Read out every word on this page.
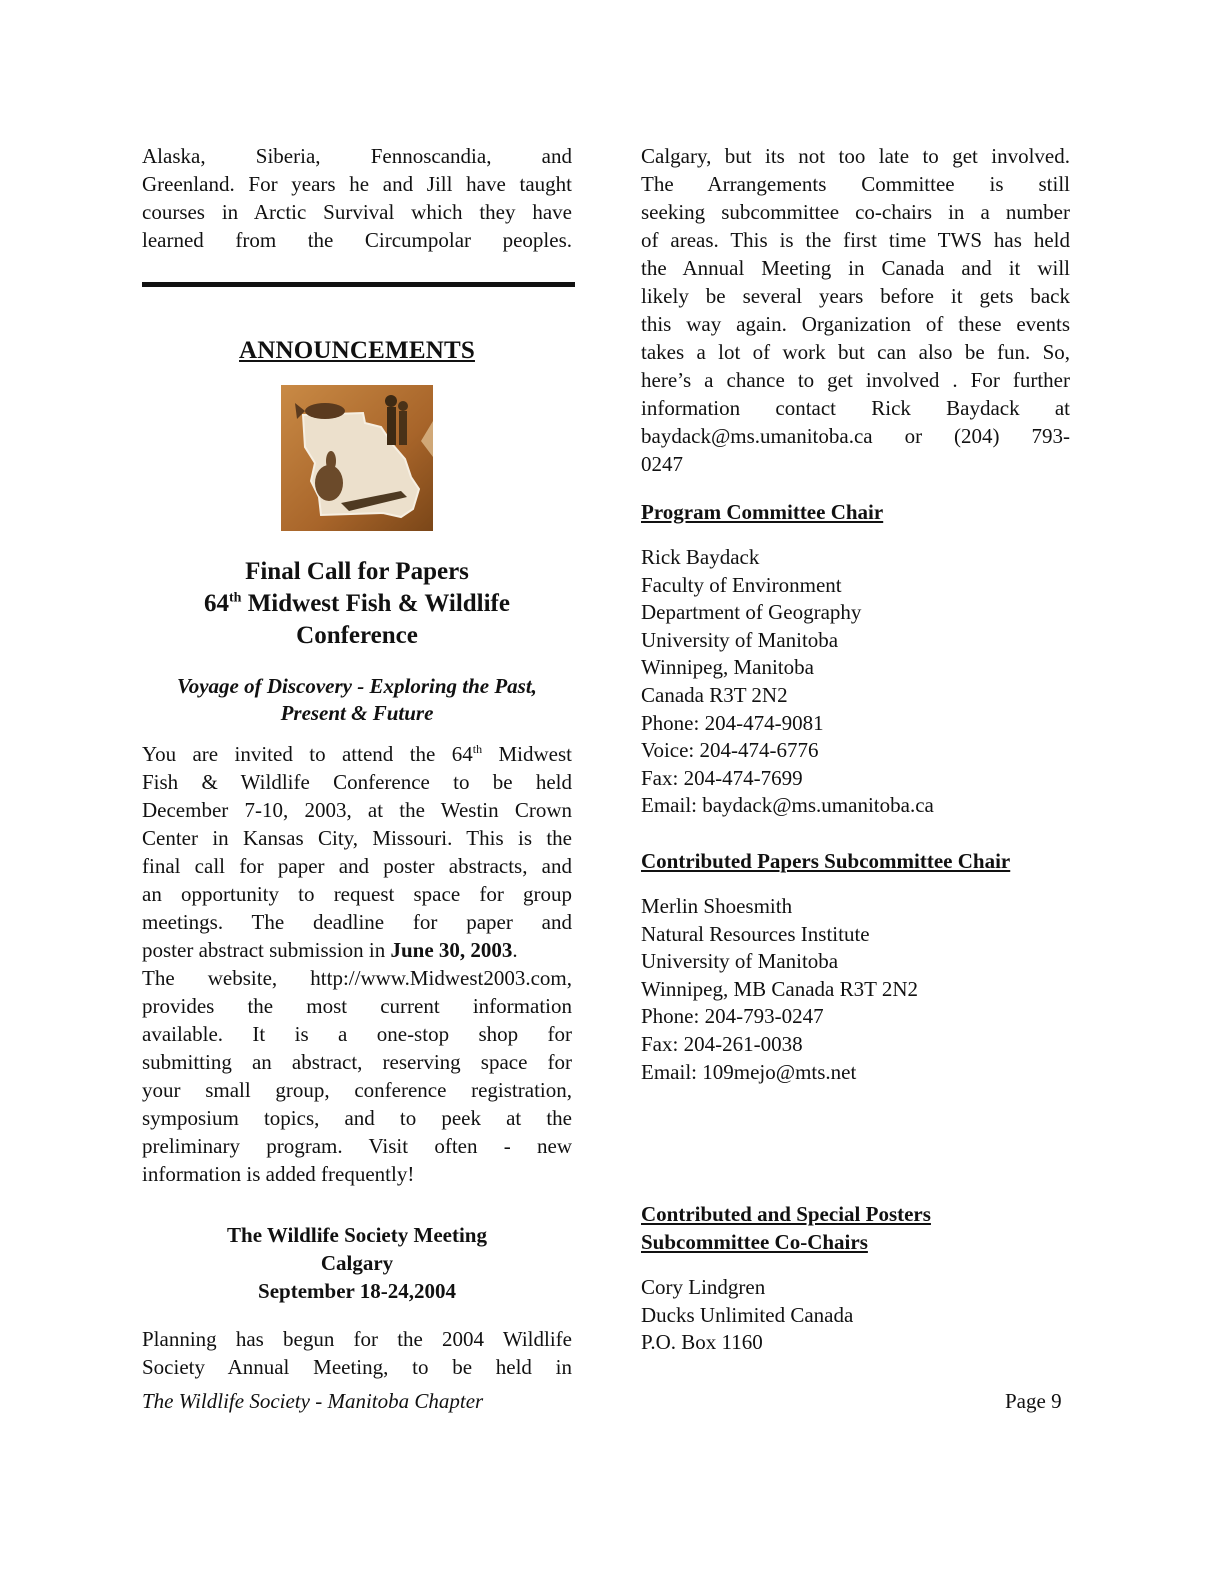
Alaska, Siberia, Fennoscandia, and

Greenland. For years he and Jill have taught

courses in Arctic Survival which they have

learned from the Circumpolar peoples.

ANNOUNCEMENTS
Final Call for Papers
64th Midwest Fish & Wildlife
Conference
Voyage of Discovery - Exploring the Past,
Present & Future

You are invited to attend the 64th Midwest

Fish & Wildlife Conference to be held

December 7-10, 2003, at the Westin Crown

Center in Kansas City, Missouri. This is the

final call for paper and poster abstracts, and

an opportunity to request space for group

meetings. The deadline for paper and

poster abstract submission in June 30, 2003.

The website, http://www.Midwest2003.com,

provides the most current information

available. It is a one-stop shop for

submitting an abstract, reserving space for

your small group, conference registration,

symposium topics, and to peek at the

preliminary program. Visit often - new

information is added frequently!

The Wildlife Society Meeting
Calgary
September 18-24,2004

Planning has begun for the 2004 Wildlife

Society Annual Meeting, to be held in

Calgary, but its not too late to get involved.

The Arrangements Committee is still

seeking subcommittee co-chairs in a number

of areas. This is the first time TWS has held

the Annual Meeting in Canada and it will

likely be several years before it gets back

this way again. Organization of these events

takes a lot of work but can also be fun. So,

here’s a chance to get involved . For further

information contact Rick Baydack at

baydack@ms.umanitoba.ca or (204) 793-

0247

Program Committee Chair

Rick Baydack

Faculty of Environment

Department of Geography

University of Manitoba

Winnipeg, Manitoba

Canada R3T 2N2

Phone: 204-474-9081

Voice: 204-474-6776

Fax: 204-474-7699

Email: baydack@ms.umanitoba.ca

Contributed Papers Subcommittee Chair

Merlin Shoesmith

Natural Resources Institute

University of Manitoba

Winnipeg, MB Canada R3T 2N2

Phone: 204-793-0247

Fax: 204-261-0038

Email: 109mejo@mts.net

Contributed and Special Posters
Subcommittee Co-Chairs

Cory Lindgren

Ducks Unlimited Canada

P.O. Box 1160

The Wildlife Society - Manitoba Chapter	Page 9
